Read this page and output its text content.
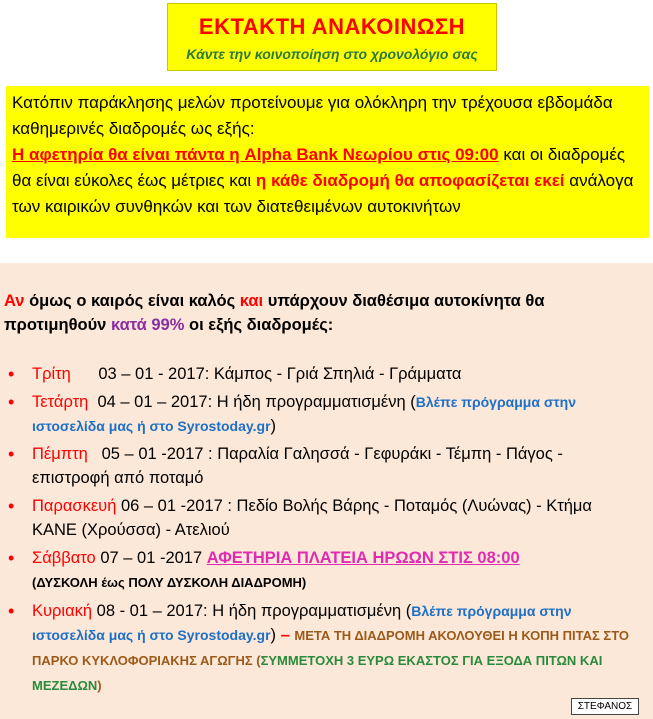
ΕΚΤΑΚΤΗ ΑΝΑΚΟΙΝΩΣΗ
Κάντε την κοινοποίηση στο χρονολόγιο σας
Κατόπιν παράκλησης μελών προτείνουμε για ολόκληρη την τρέχουσα εβδομάδα καθημερινές διαδρομές ως εξής:
Η αφετηρία θα είναι πάντα η Alpha Bank Νεωρίου στις 09:00 και οι διαδρομές θα είναι εύκολες έως μέτριες και η κάθε διαδρομή θα αποφασίζεται εκεί ανάλογα των καιρικών συνθηκών και των διατεθειμένων αυτοκινήτων
Αν όμως ο καιρός είναι καλός και υπάρχουν διαθέσιμα αυτοκίνητα θα προτιμηθούν κατά 99% οι εξής διαδρομές:
• Τρίτη 03 – 01 - 2017: Κάμπος - Γριά Σπηλιά - Γράμματα
• Τετάρτη 04 – 01 – 2017: Η ήδη προγραμματισμένη (Βλέπε πρόγραμμα στην ιστοσελίδα μας ή στο Syrostoday.gr)
• Πέμπτη 05 – 01 -2017 : Παραλία Γαλησσά - Γεφυράκι - Τέμπη - Πάγος - επιστροφή από ποταμό
• Παρασκευή 06 – 01 -2017 : Πεδίο Βολής Βάρης - Ποταμός (Λυώνας) - Κτήμα ΚΑΝΕ (Χρούσσα) - Ατελιού
• Σάββατο 07 – 01 -2017 ΑΦΕΤΗΡΙΑ ΠΛΑΤΕΙΑ ΗΡΩΩΝ ΣΤΙΣ 08:00
(ΔΥΣΚΟΛΗ έως ΠΟΛΥ ΔΥΣΚΟΛΗ ΔΙΑΔΡΟΜΗ)
• Κυριακή 08 - 01 – 2017: Η ήδη προγραμματισμένη (Βλέπε πρόγραμμα στην ιστοσελίδα μας ή στο Syrostoday.gr) – ΜΕΤΑ ΤΗ ΔΙΑΔΡΟΜΗ ΑΚΟΛΟΥΘΕΙ Η ΚΟΠΗ ΠΙΤΑΣ ΣΤΟ ΠΑΡΚΟ ΚΥΚΛΟΦΟΡΙΑΚΗΣ ΑΓΩΓΗΣ (ΣΥΜΜΕΤΟΧΗ 3 ΕΥΡΩ ΕΚΑΣΤΟΣ ΓΙΑ ΕΞΟΔΑ ΠΙΤΩΝ ΚΑΙ ΜΕΖΕΔΩΝ)
ΣΤΕΦΑΝΟΣ
